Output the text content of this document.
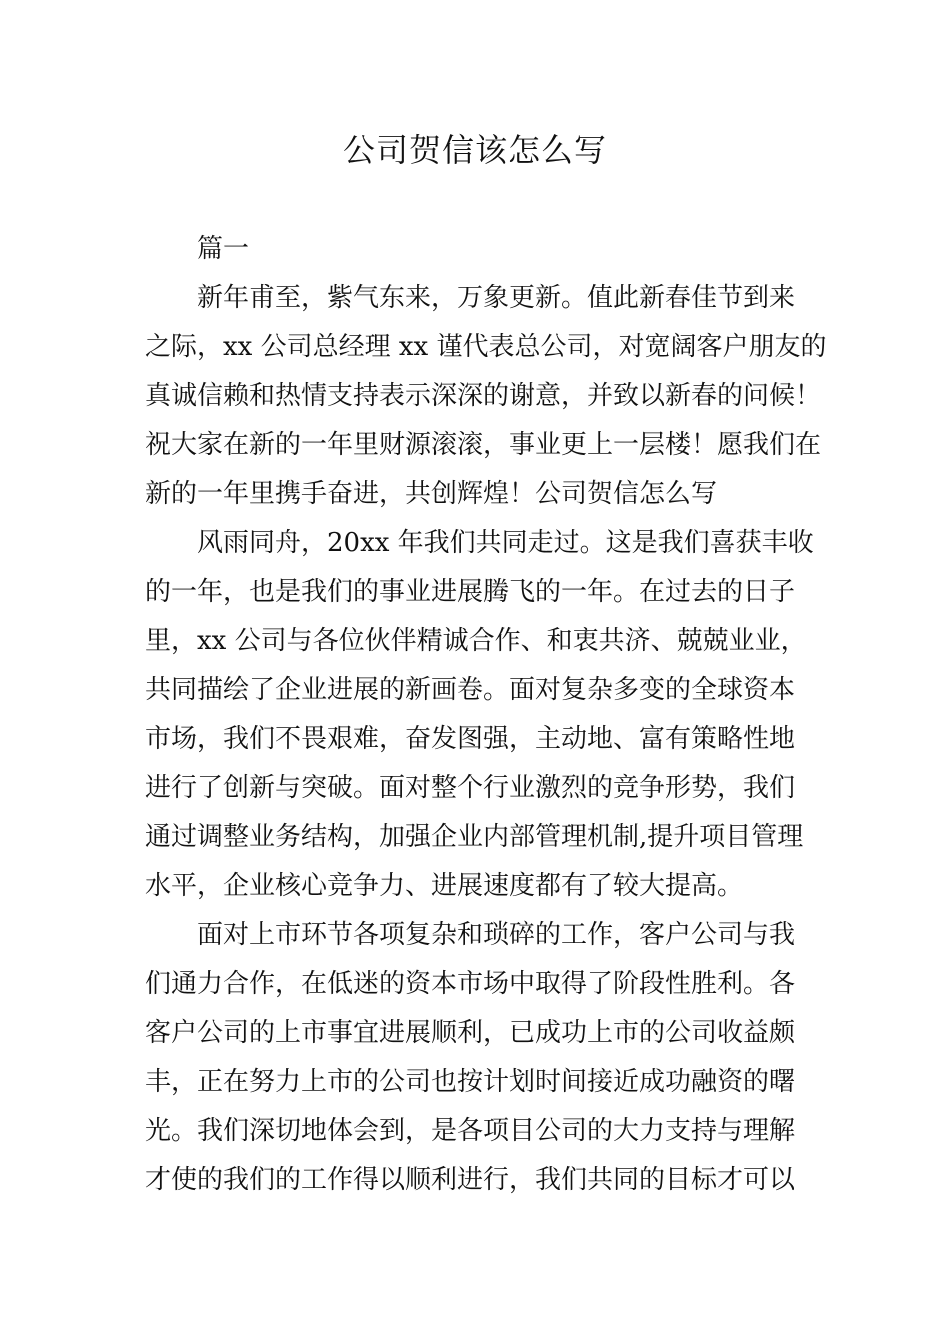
公司贺信该怎么写

篇一

新年甫至，紫气东来，万象更新。值此新春佳节到来
之际，xx 公司总经理 xx 谨代表总公司，对宽阔客户朋友的
真诚信赖和热情支持表示深深的谢意，并致以新春的问候！
祝大家在新的一年里财源滚滚，事业更上一层楼！愿我们在
新的一年里携手奋进，共创辉煌！公司贺信怎么写

风雨同舟，20xx 年我们共同走过。这是我们喜获丰收
的一年，也是我们的事业进展腾飞的一年。在过去的日子
里，xx 公司与各位伙伴精诚合作、和衷共济、兢兢业业，
共同描绘了企业进展的新画卷。面对复杂多变的全球资本
市场，我们不畏艰难，奋发图强，主动地、富有策略性地
进行了创新与突破。面对整个行业激烈的竞争形势，我们
通过调整业务结构，加强企业内部管理机制,提升项目管理
水平，企业核心竞争力、进展速度都有了较大提高。

面对上市环节各项复杂和琐碎的工作，客户公司与我
们通力合作，在低迷的资本市场中取得了阶段性胜利。各
客户公司的上市事宜进展顺利，已成功上市的公司收益颇
丰，正在努力上市的公司也按计划时间接近成功融资的曙
光。我们深切地体会到，是各项目公司的大力支持与理解
才使的我们的工作得以顺利进行，我们共同的目标才可以
